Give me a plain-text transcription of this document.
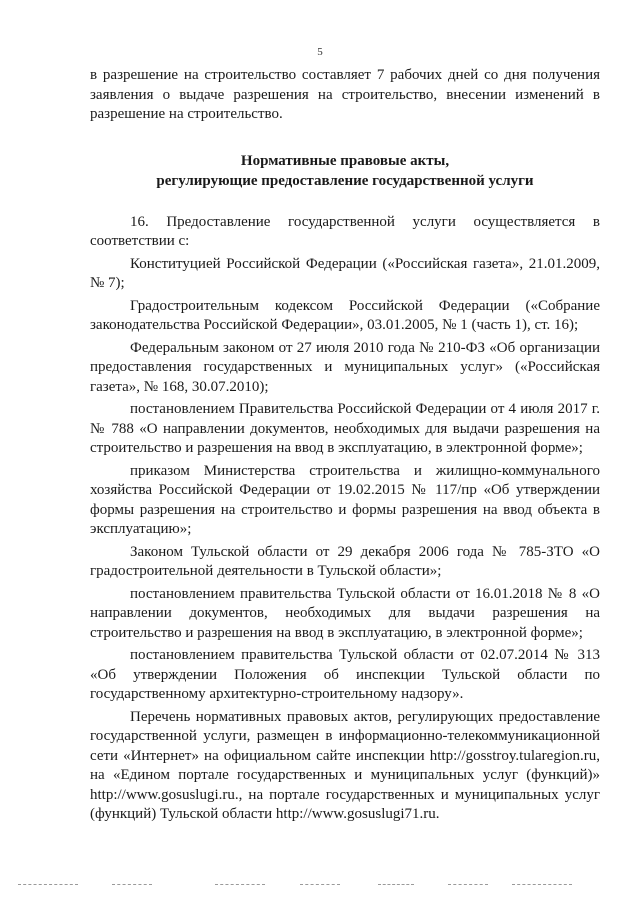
5

в разрешение на строительство составляет 7 рабочих дней со дня получения заявления о выдаче разрешения на строительство, внесении изменений в разрешение на строительство.

Нормативные правовые акты,
регулирующие предоставление государственной услуги

16. Предоставление государственной услуги осуществляется в соответствии с:

Конституцией Российской Федерации («Российская газета», 21.01.2009, № 7);

Градостроительным кодексом Российской Федерации («Собрание законодательства Российской Федерации», 03.01.2005, № 1 (часть 1), ст. 16);

Федеральным законом от 27 июля 2010 года № 210-ФЗ «Об организации предоставления государственных и муниципальных услуг» («Российская газета», № 168, 30.07.2010);

постановлением Правительства Российской Федерации от 4 июля 2017 г. № 788 «О направлении документов, необходимых для выдачи разрешения на строительство и разрешения на ввод в эксплуатацию, в электронной форме»;

приказом Министерства строительства и жилищно-коммунального хозяйства Российской Федерации от 19.02.2015 № 117/пр «Об утверждении формы разрешения на строительство и формы разрешения на ввод объекта в эксплуатацию»;

Законом Тульской области от 29 декабря 2006 года № 785-ЗТО «О градостроительной деятельности в Тульской области»;

постановлением правительства Тульской области от 16.01.2018 № 8 «О направлении документов, необходимых для выдачи разрешения на строительство и разрешения на ввод в эксплуатацию, в электронной форме»;

постановлением правительства Тульской области от 02.07.2014 № 313 «Об утверждении Положения об инспекции Тульской области по государственному архитектурно-строительному надзору».

Перечень нормативных правовых актов, регулирующих предоставление государственной услуги, размещен в информационно-телекоммуникационной сети «Интернет» на официальном сайте инспекции http://gosstroy.tularegion.ru, на «Едином портале государственных и муниципальных услуг (функций)» http://www.gosuslugi.ru., на портале государственных и муниципальных услуг (функций) Тульской области http://www.gosuslugi71.ru.
